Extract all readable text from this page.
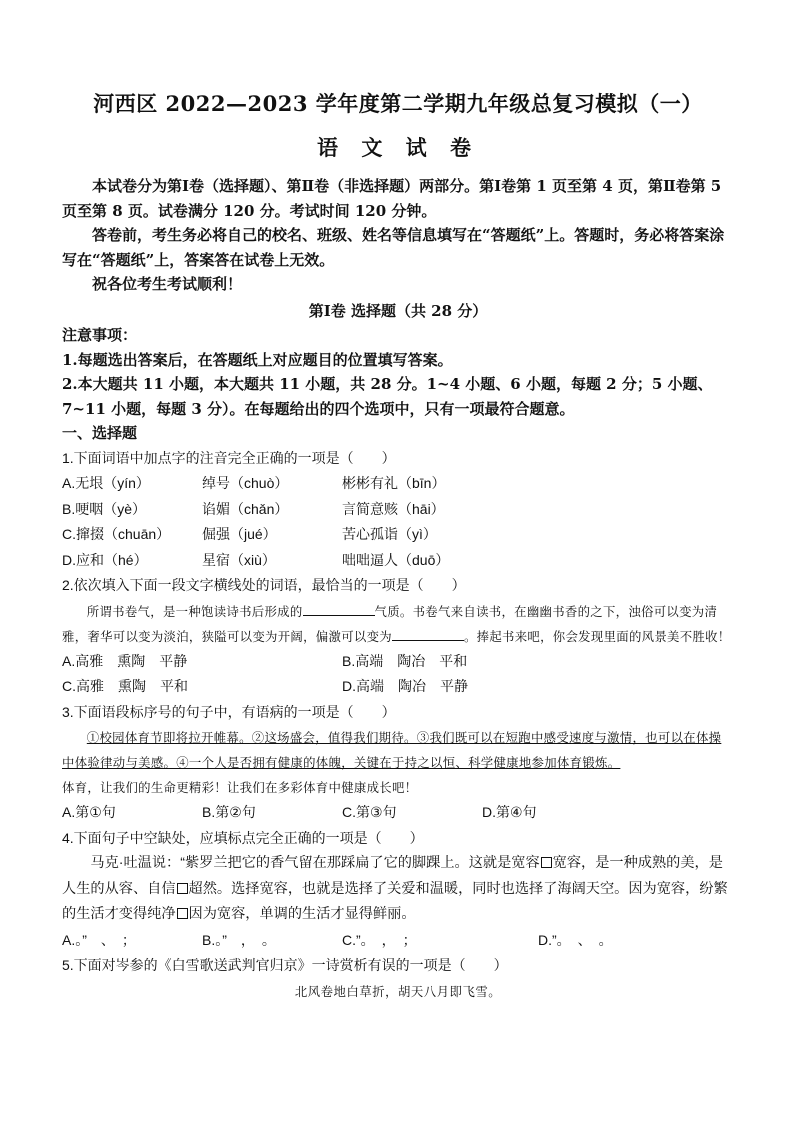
河西区 2022—2023 学年度第二学期九年级总复习模拟（一）
语 文 试 卷

本试卷分为第Ⅰ卷（选择题）、第Ⅱ卷（非选择题）两部分。第Ⅰ卷第 1 页至第 4 页，第Ⅱ卷第 5 页至第 8 页。试卷满分 120 分。考试时间 120 分钟。

答卷前，考生务必将自己的校名、班级、姓名等信息填写在“答题纸”上。答题时，务必将答案涂写在“答题纸”上，答案答在试卷上无效。

祝各位考生考试顺利！

第Ⅰ卷 选择题（共 28 分）

注意事项：

1.每题选出答案后，在答题纸上对应题目的位置填写答案。

2.本大题共 11 小题，本大题共 11 小题，共 28 分。1~4 小题、6 小题，每题 2 分；5 小题、7~11 小题，每题 3 分）。在每题给出的四个选项中，只有一项最符合题意。

一、选择题

1.下面词语中加点字的注音完全正确的一项是（　　）

A.无垠（yín）	绰号（chuò）	彬彬有礼（bīn）
B.哽咽（yè）	谄媚（chǎn）	言简意赅（hāi）
C.撺掇（chuān）	倔强（jué）	苦心孤诣（yì）
D.应和（hé）	星宿（xiù）	咄咄逼人（duō）

2.依次填入下面一段文字横线处的词语，最恰当的一项是（　　）

所谓书卷气，是一种饱读诗书后形成的	气质。书卷气来自读书，在幽幽书香的之下，浊俗可以变为清雅，奢华可以变为淡泊，狭隘可以变为开阔，偏激可以变为	。捧起书来吧，你会发现里面的风景美不胜收！

A.高雅　熏陶　平静	B.高端　陶冶　平和
C.高雅　熏陶　平和	D.高端　陶冶　平静

3.下面语段标序号的句子中，有语病的一项是（　　）

①校园体育节即将拉开帷幕。②这场盛会，值得我们期待。③我们既可以在短跑中感受速度与激情，也可以在体操中体验律动与美感。④一个人是否拥有健康的体魄，关键在于持之以恒、科学健康地参加体育锻炼。

体育，让我们的生命更精彩！让我们在多彩体育中健康成长吧！

A.第①句	B.第②句	C.第③句	D.第④句

4.下面句子中空缺处，应填标点完全正确的一项是（　　）

马克·吐温说：“紫罗兰把它的香气留在那踩扁了它的脚踝上。这就是宽容 宽容，是一种成熟的美，是人生的从容、自信 超然。选择宽容，也就是选择了关爱和温暖，同时也选择了海阔天空。因为宽容，纷繁的生活才变得纯净 因为宽容，单调的生活才显得鲜丽。

A.。”　、　；	B.。”　，　。	C.”。　，　；	D.”。　、　。

5.下面对岑参的《白雪歌送武判官归京》一诗赏析有误的一项是（　　）

北风卷地白草折，胡天八月即飞雪。
